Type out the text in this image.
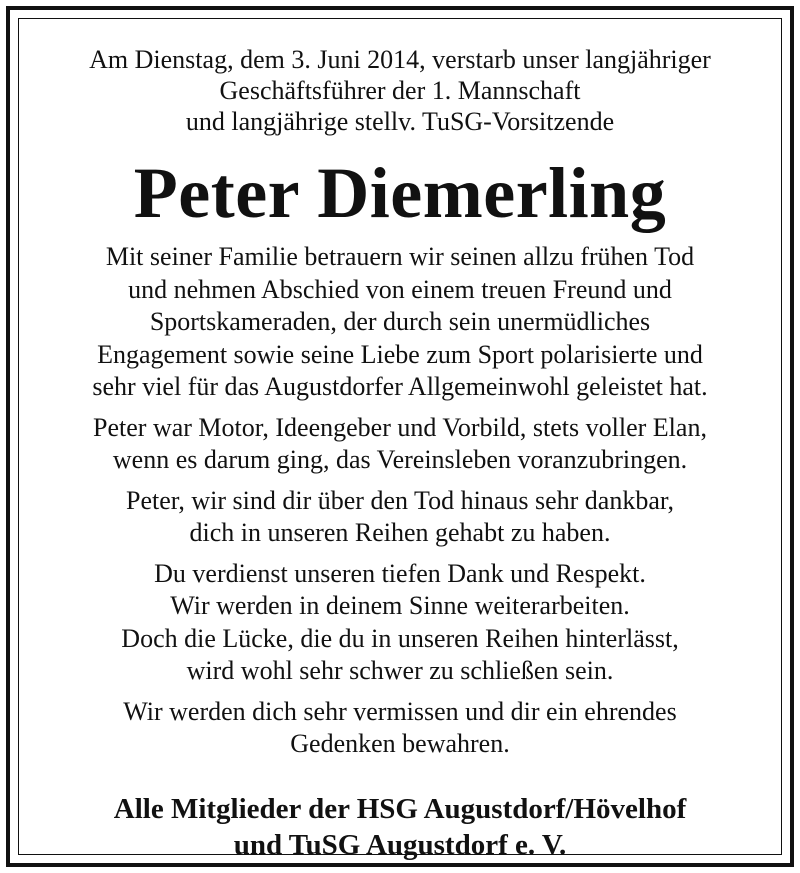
Am Dienstag, dem 3. Juni 2014, verstarb unser langjähriger
Geschäftsführer der 1. Mannschaft
und langjährige stellv. TuSG-Vorsitzende
Peter Diemerling
Mit seiner Familie betrauern wir seinen allzu frühen Tod
und nehmen Abschied von einem treuen Freund und
Sportskameraden, der durch sein unermüdliches
Engagement sowie seine Liebe zum Sport polarisierte und
sehr viel für das Augustdorfer Allgemeinwohl geleistet hat.
Peter war Motor, Ideengeber und Vorbild, stets voller Elan,
wenn es darum ging, das Vereinsleben voranzubringen.
Peter, wir sind dir über den Tod hinaus sehr dankbar,
dich in unseren Reihen gehabt zu haben.
Du verdienst unseren tiefen Dank und Respekt.
Wir werden in deinem Sinne weiterarbeiten.
Doch die Lücke, die du in unseren Reihen hinterlässt,
wird wohl sehr schwer zu schließen sein.
Wir werden dich sehr vermissen und dir ein ehrendes
Gedenken bewahren.
Alle Mitglieder der HSG Augustdorf/Hövelhof
und TuSG Augustdorf e. V.
